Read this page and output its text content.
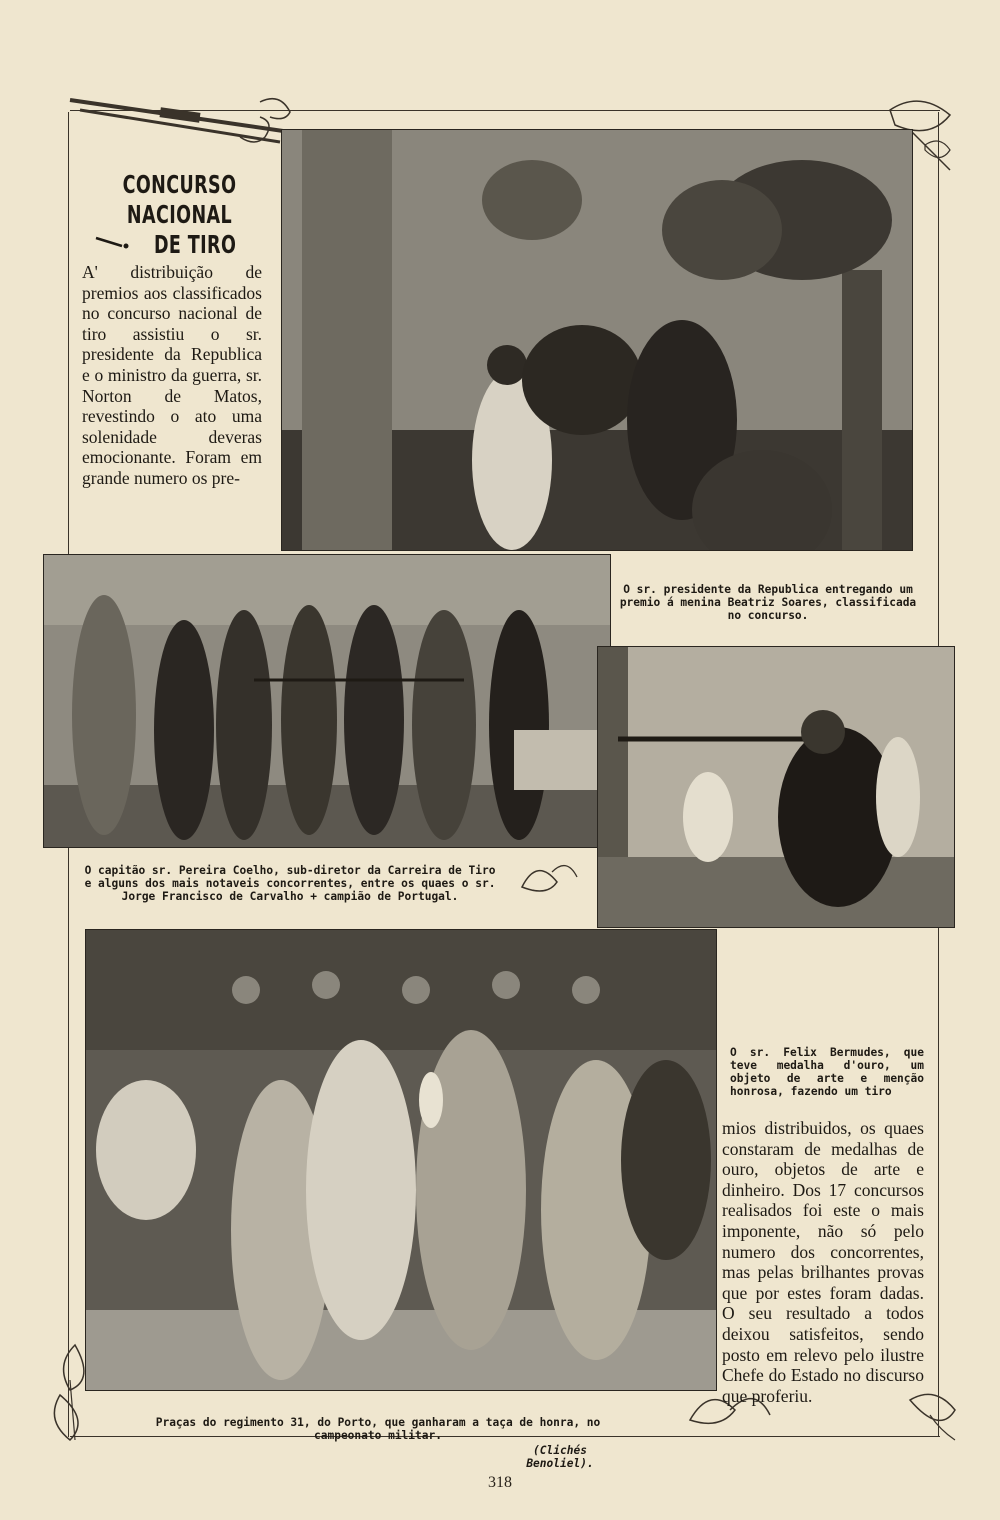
CONCURSO NACIONAL
DE TIRO
A' distribuição de premios aos classificados no concurso nacional de tiro assistiu o sr. presidente da Republica e o ministro da guerra, sr. Norton de Matos, revestindo o ato uma solenidade deveras emocionante. Foram em grande numero os pre-
O sr. presidente da Republica entregando um premio á menina Beatriz Soares, classificada no concurso.
O capitão sr. Pereira Coelho, sub-diretor da Carreira de Tiro e alguns dos mais notaveis concorrentes, entre os quaes o sr. Jorge Francisco de Carvalho + campião de Portugal.
O sr. Felix Bermudes, que teve medalha d'ouro, um objeto de arte e menção honrosa, fazendo um tiro
Praças do regimento 31, do Porto, que ganharam a taça de honra, no campeonato militar.
(Clichés Benoliel).
mios distribuidos, os quaes constaram de medalhas de ouro, objetos de arte e dinheiro. Dos 17 concursos realisados foi este o mais imponente, não só pelo numero dos concorrentes, mas pelas brilhantes provas que por estes foram dadas. O seu resultado a todos deixou satisfeitos, sendo posto em relevo pelo ilustre Chefe do Estado no discurso que proferiu.
318
